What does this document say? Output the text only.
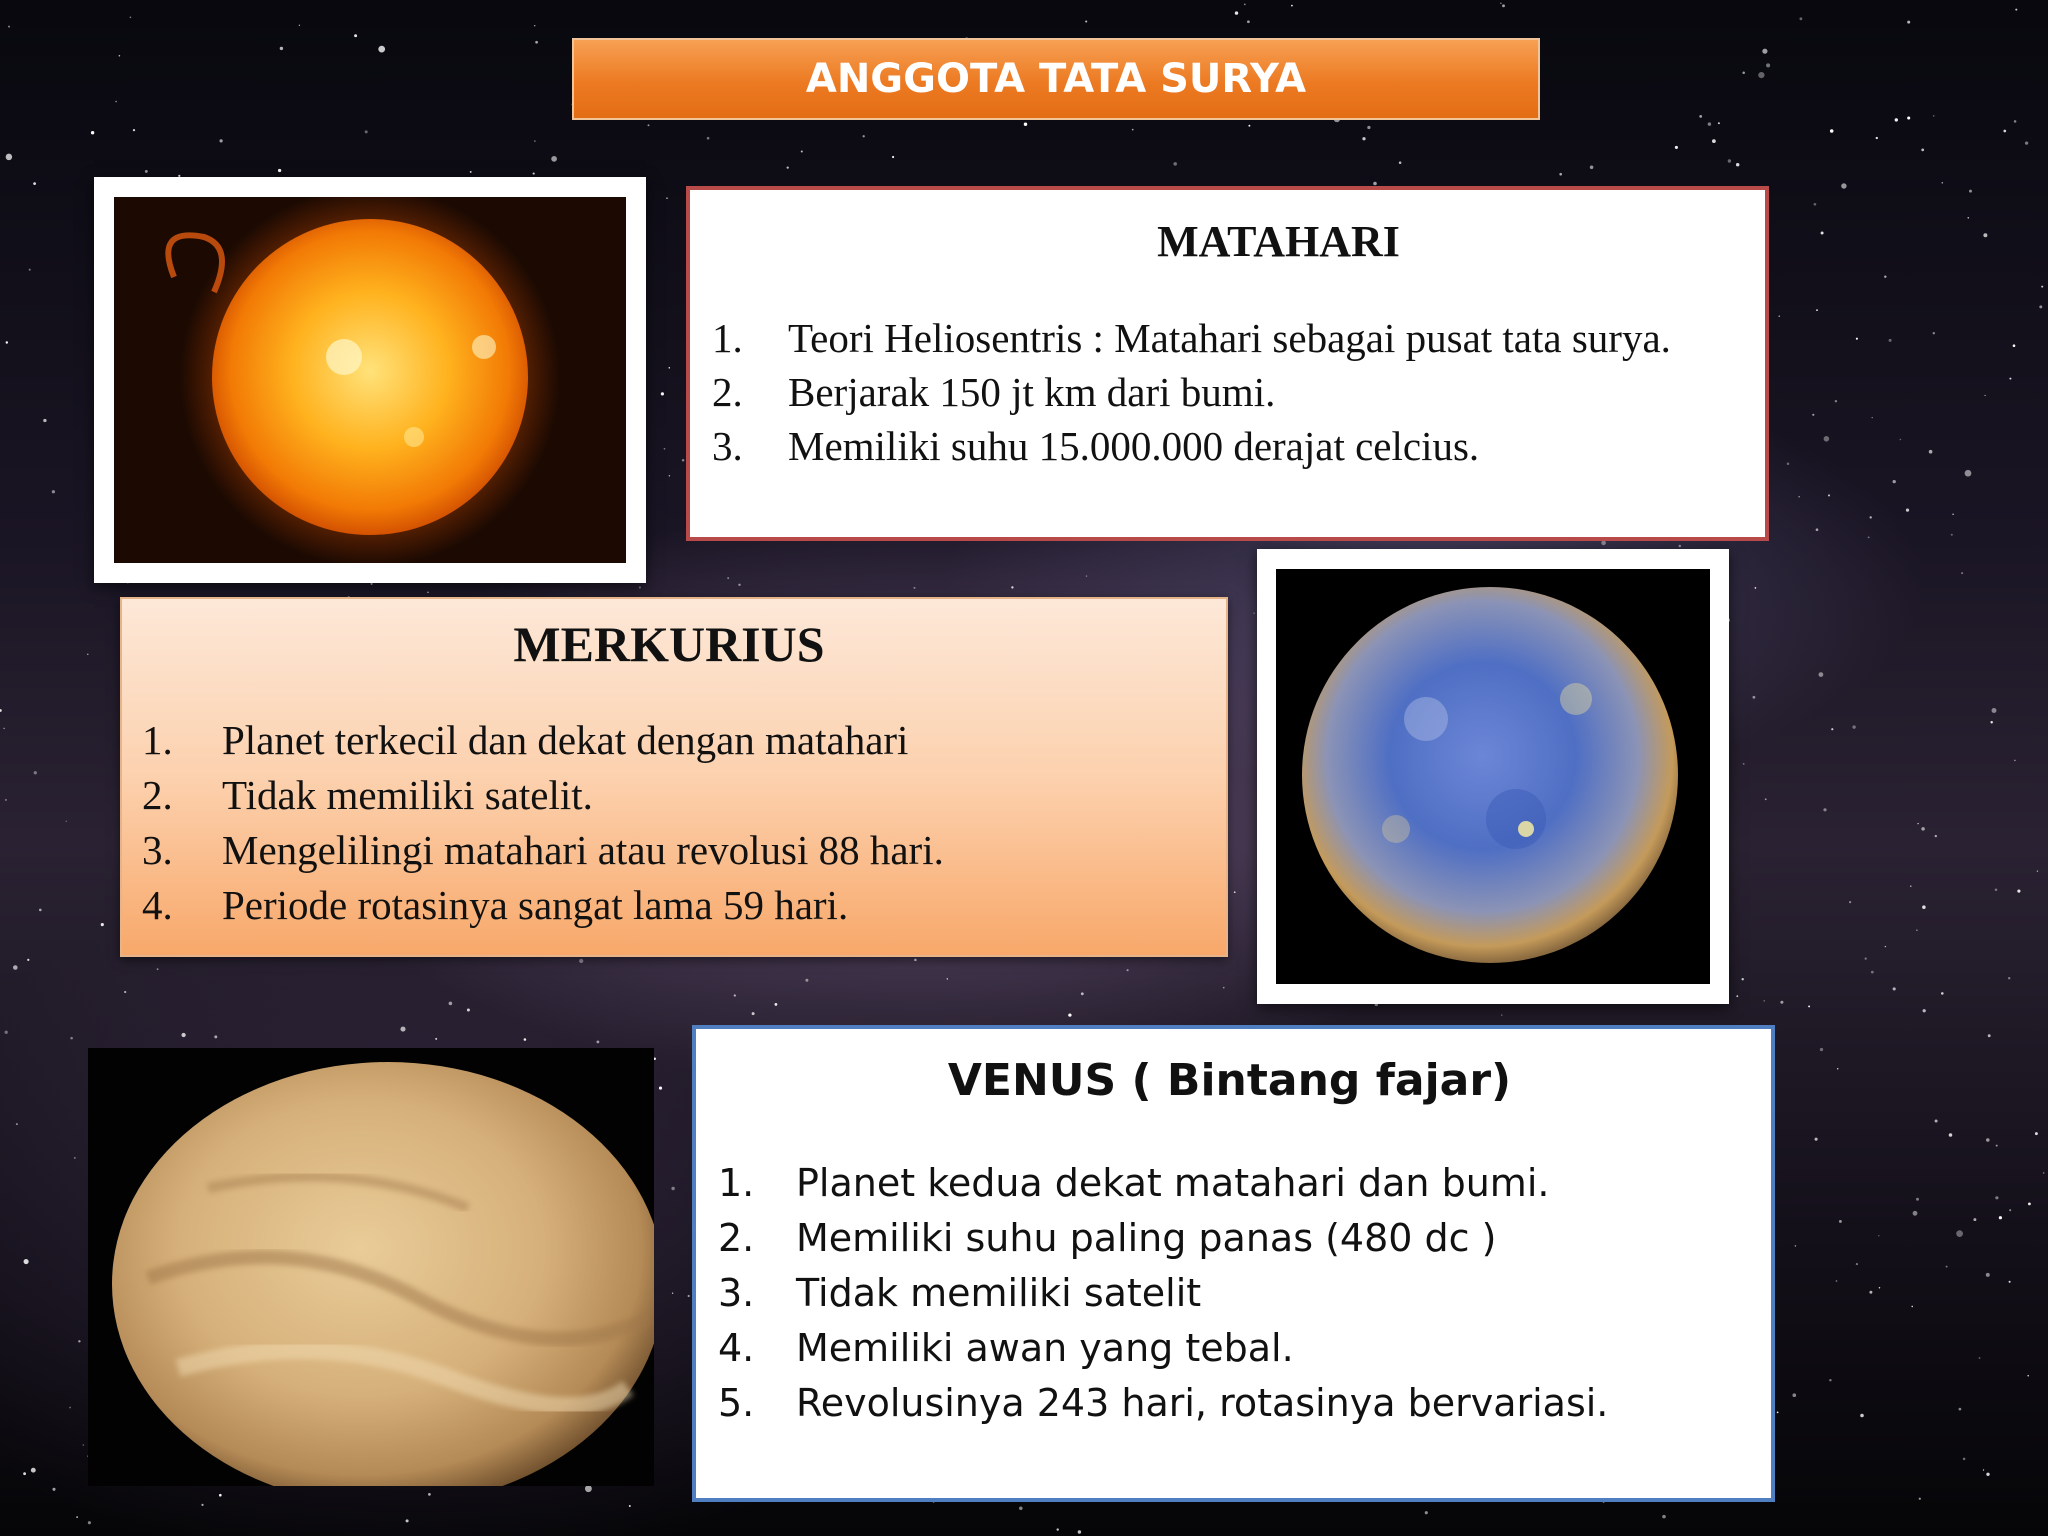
ANGGOTA TATA SURYA
MATAHARI
1.	Teori Heliosentris : Matahari sebagai pusat tata surya.
2.	Berjarak 150 jt km dari bumi.
3.	Memiliki suhu 15.000.000 derajat celcius.
MERKURIUS
1.	Planet terkecil dan dekat dengan matahari
2.	Tidak memiliki satelit.
3.	Mengelilingi matahari atau revolusi 88 hari.
4.	Periode rotasinya sangat lama 59 hari.
VENUS ( Bintang fajar)
1.	Planet kedua dekat matahari dan bumi.
2.	Memiliki suhu paling panas (480 dc )
3.	Tidak memiliki satelit
4.	Memiliki awan yang tebal.
5.	Revolusinya 243 hari, rotasinya bervariasi.
